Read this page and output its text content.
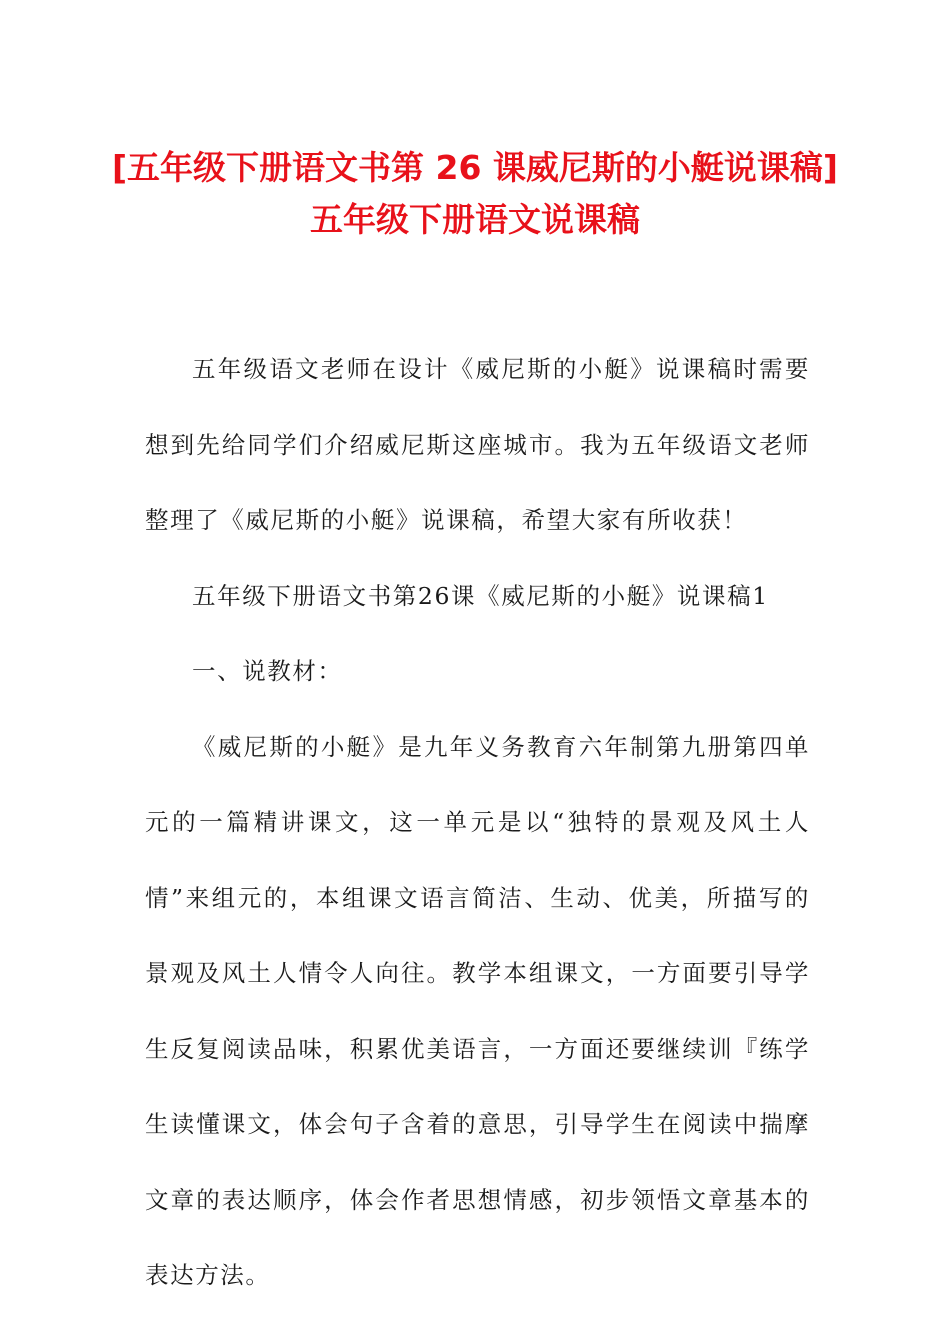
[五年级下册语文书第 26 课威尼斯的小艇说课稿]五年级下册语文说课稿

五年级语文老师在设计《威尼斯的小艇》说课稿时需要想到先给同学们介绍威尼斯这座城市。我为五年级语文老师整理了《威尼斯的小艇》说课稿，希望大家有所收获！

五年级下册语文书第26课《威尼斯的小艇》说课稿1

一、说教材：

《威尼斯的小艇》是九年义务教育六年制第九册第四单元的一篇精讲课文，这一单元是以“独特的景观及风土人情”来组元的，本组课文语言简洁、生动、优美，所描写的景观及风土人情令人向往。教学本组课文，一方面要引导学生反复阅读品味，积累优美语言，一方面还要继续训『练学生读懂课文，体会句子含着的意思，引导学生在阅读中揣摩文章的表达顺序，体会作者思想情感，初步领悟文章基本的表达方法。
